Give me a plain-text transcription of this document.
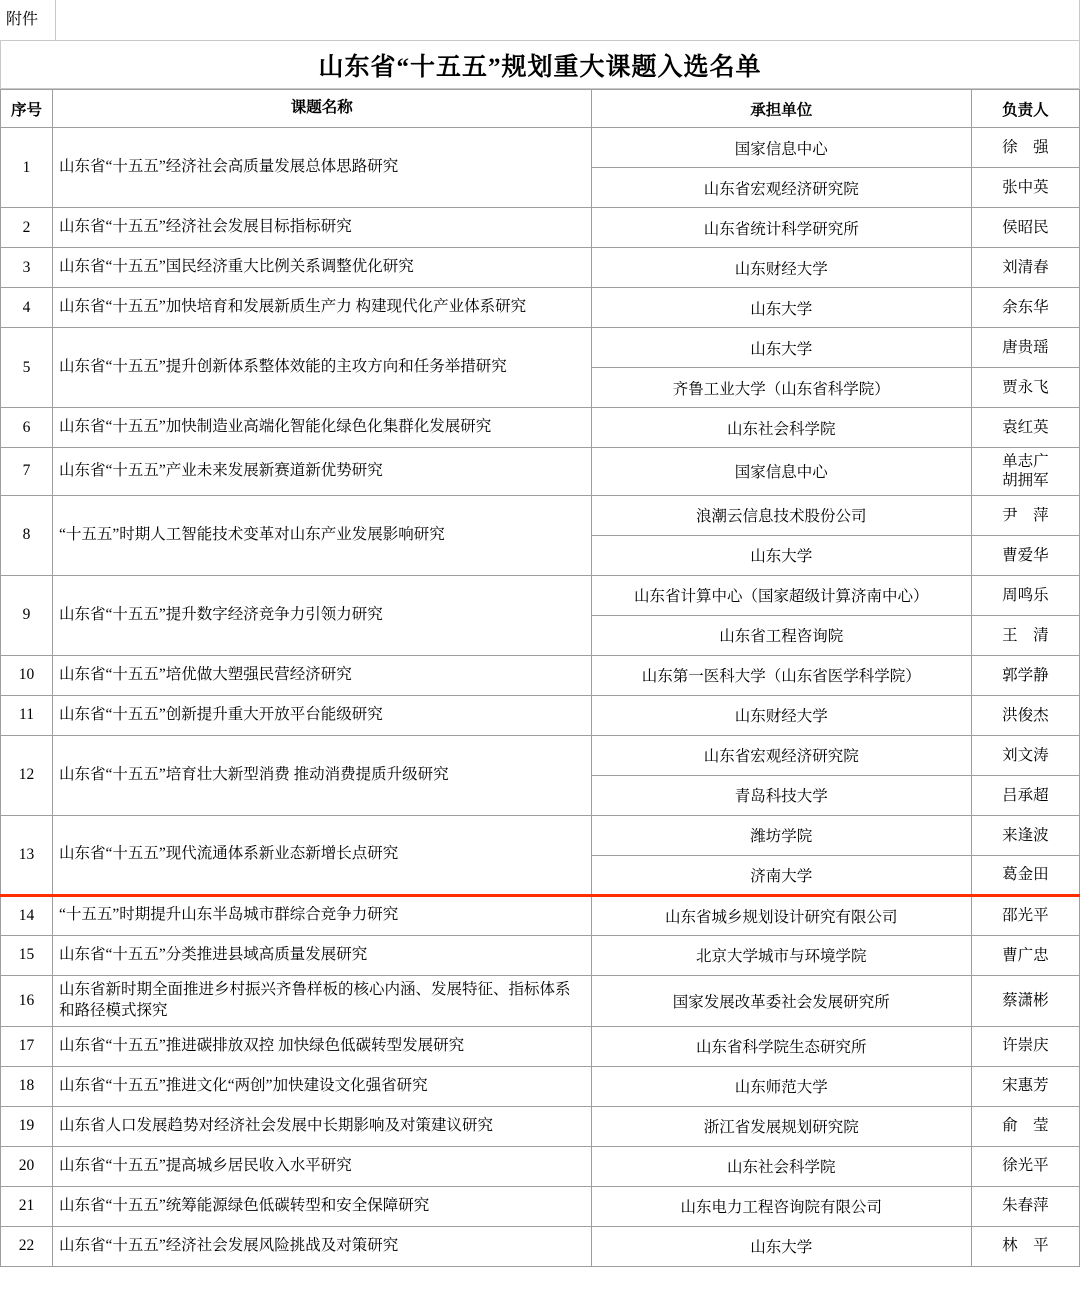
附件
山东省“十五五”规划重大课题入选名单
序号	课题名称	承担单位	负责人
1	山东省“十五五”经济社会高质量发展总体思路研究	国家信息中心	徐　强
		山东省宏观经济研究院	张中英
2	山东省“十五五”经济社会发展目标指标研究	山东省统计科学研究所	侯昭民
3	山东省“十五五”国民经济重大比例关系调整优化研究	山东财经大学	刘清春
4	山东省“十五五”加快培育和发展新质生产力 构建现代化产业体系研究	山东大学	余东华
5	山东省“十五五”提升创新体系整体效能的主攻方向和任务举措研究	山东大学	唐贵瑶
		齐鲁工业大学（山东省科学院）	贾永飞
6	山东省“十五五”加快制造业高端化智能化绿色化集群化发展研究	山东社会科学院	袁红英
7	山东省“十五五”产业未来发展新赛道新优势研究	国家信息中心	单志广
胡拥军
8	“十五五”时期人工智能技术变革对山东产业发展影响研究	浪潮云信息技术股份公司	尹　萍
		山东大学	曹爱华
9	山东省“十五五”提升数字经济竞争力引领力研究	山东省计算中心（国家超级计算济南中心）	周鸣乐
		山东省工程咨询院	王　清
10	山东省“十五五”培优做大塑强民营经济研究	山东第一医科大学（山东省医学科学院）	郭学静
11	山东省“十五五”创新提升重大开放平台能级研究	山东财经大学	洪俊杰
12	山东省“十五五”培育壮大新型消费 推动消费提质升级研究	山东省宏观经济研究院	刘文涛
		青岛科技大学	吕承超
13	山东省“十五五”现代流通体系新业态新增长点研究	潍坊学院	来逢波
		济南大学	葛金田
14	“十五五”时期提升山东半岛城市群综合竞争力研究	山东省城乡规划设计研究有限公司	邵光平
15	山东省“十五五”分类推进县域高质量发展研究	北京大学城市与环境学院	曹广忠
16	山东省新时期全面推进乡村振兴齐鲁样板的核心内涵、发展特征、指标体系和路径模式探究	国家发展改革委社会发展研究所	蔡潇彬
17	山东省“十五五”推进碳排放双控 加快绿色低碳转型发展研究	山东省科学院生态研究所	许崇庆
18	山东省“十五五”推进文化“两创”加快建设文化强省研究	山东师范大学	宋惠芳
19	山东省人口发展趋势对经济社会发展中长期影响及对策建议研究	浙江省发展规划研究院	俞　莹
20	山东省“十五五”提高城乡居民收入水平研究	山东社会科学院	徐光平
21	山东省“十五五”统筹能源绿色低碳转型和安全保障研究	山东电力工程咨询院有限公司	朱春萍
22	山东省“十五五”经济社会发展风险挑战及对策研究	山东大学	林　平
